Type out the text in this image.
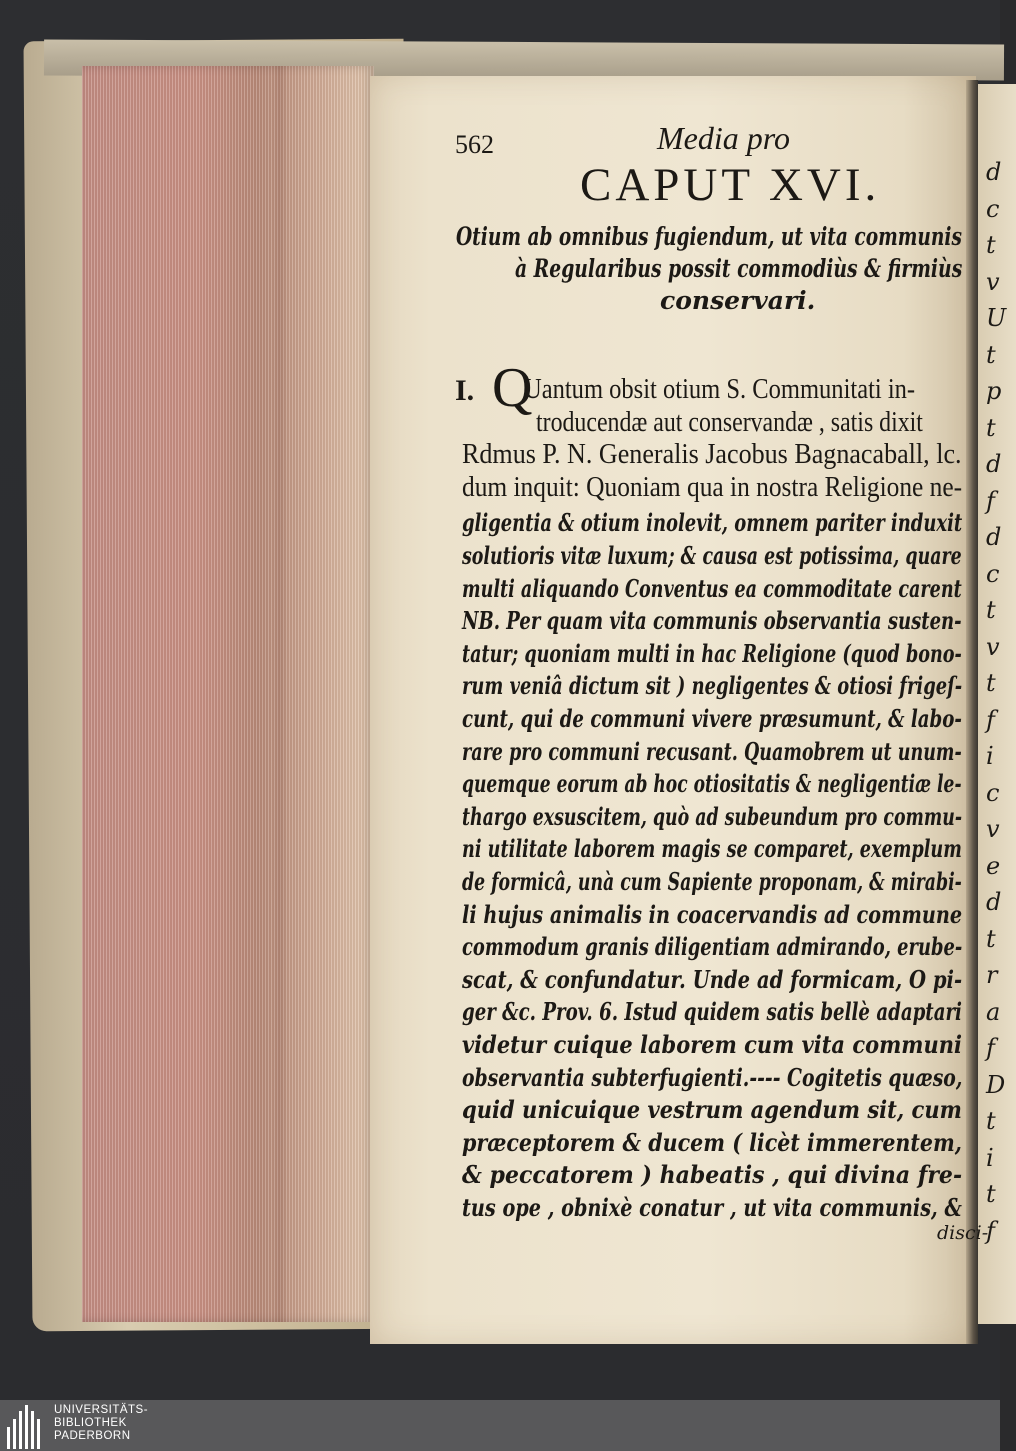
d
c
t
v
U
t
p
t
d
f
d
c
t
v
t
f
i
c
v
e
d
t
r
a
f
D
t
i
t
f
562	Media pro
CAPUT XVI.
Otium ab omnibus fugiendum, ut vita communis
à Regularibus possit commodiùs & firmiùs
conservari.
I. Q
Uantum obsit otium S. Communitati in-
troducendæ aut conservandæ , satis dixit
Rdmus P. N. Generalis Jacobus Bagnacaball, lc.
dum inquit: Quoniam qua in nostra Religione ne-
gligentia & otium inolevit, omnem pariter induxit
solutioris vitæ luxum; & causa est potissima, quare
multi aliquando Conventus ea commoditate carent
NB. Per quam vita communis observantia susten-
tatur; quoniam multi in hac Religione (quod bono-
rum veniâ dictum sit ) negligentes & otiosi frigeſ-
cunt, qui de communi vivere præsumunt, & labo-
rare pro communi recusant. Quamobrem ut unum-
quemque eorum ab hoc otiositatis & negligentiæ le-
thargo exsuscitem, quò ad subeundum pro commu-
ni utilitate laborem magis se comparet, exemplum
de formicâ, unà cum Sapiente proponam, & mirabi-
li hujus animalis in coacervandis ad commune
commodum granis diligentiam admirando, erube-
scat, & confundatur. Unde ad formicam, O pi-
ger &c. Prov. 6. Istud quidem satis bellè adaptari
videtur cuique laborem cum vita communi
observantia subterfugienti.---- Cogitetis quæso,
quid unicuique vestrum agendum sit, cum
præceptorem & ducem ( licèt immerentem,
& peccatorem ) habeatis , qui divina fre-
tus ope , obnixè conatur , ut vita communis, &
disci-
UNIVERSITÄTS-
BIBLIOTHEK
PADERBORN
